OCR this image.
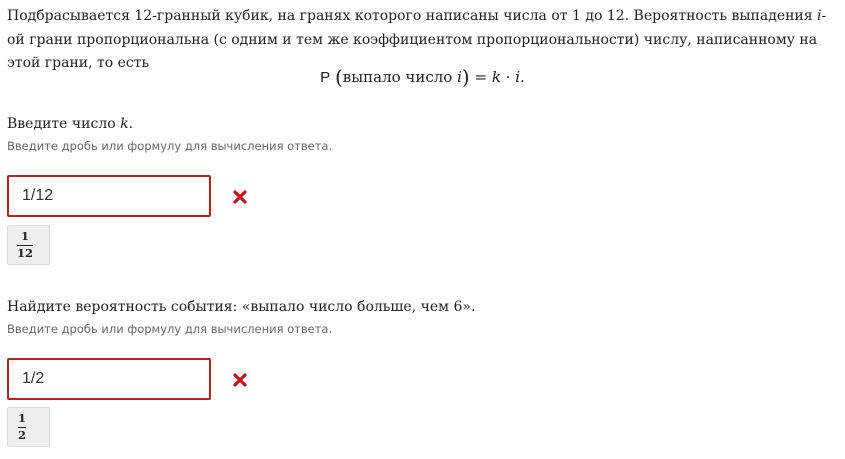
Подбрасывается 12-гранный кубик, на гранях которого написаны числа от 1 до 12. Вероятность выпадения i-ой грани пропорциональна (с одним и тем же коэффициентом пропорциональности) числу, написанному на этой грани, то есть
P (выпало число i) = k · i.
Введите число k.
Введите дробь или формулу для вычисления ответа.
1/12
1
12
Найдите вероятность события: «выпало число больше, чем 6».
Введите дробь или формулу для вычисления ответа.
1/2
1
2
